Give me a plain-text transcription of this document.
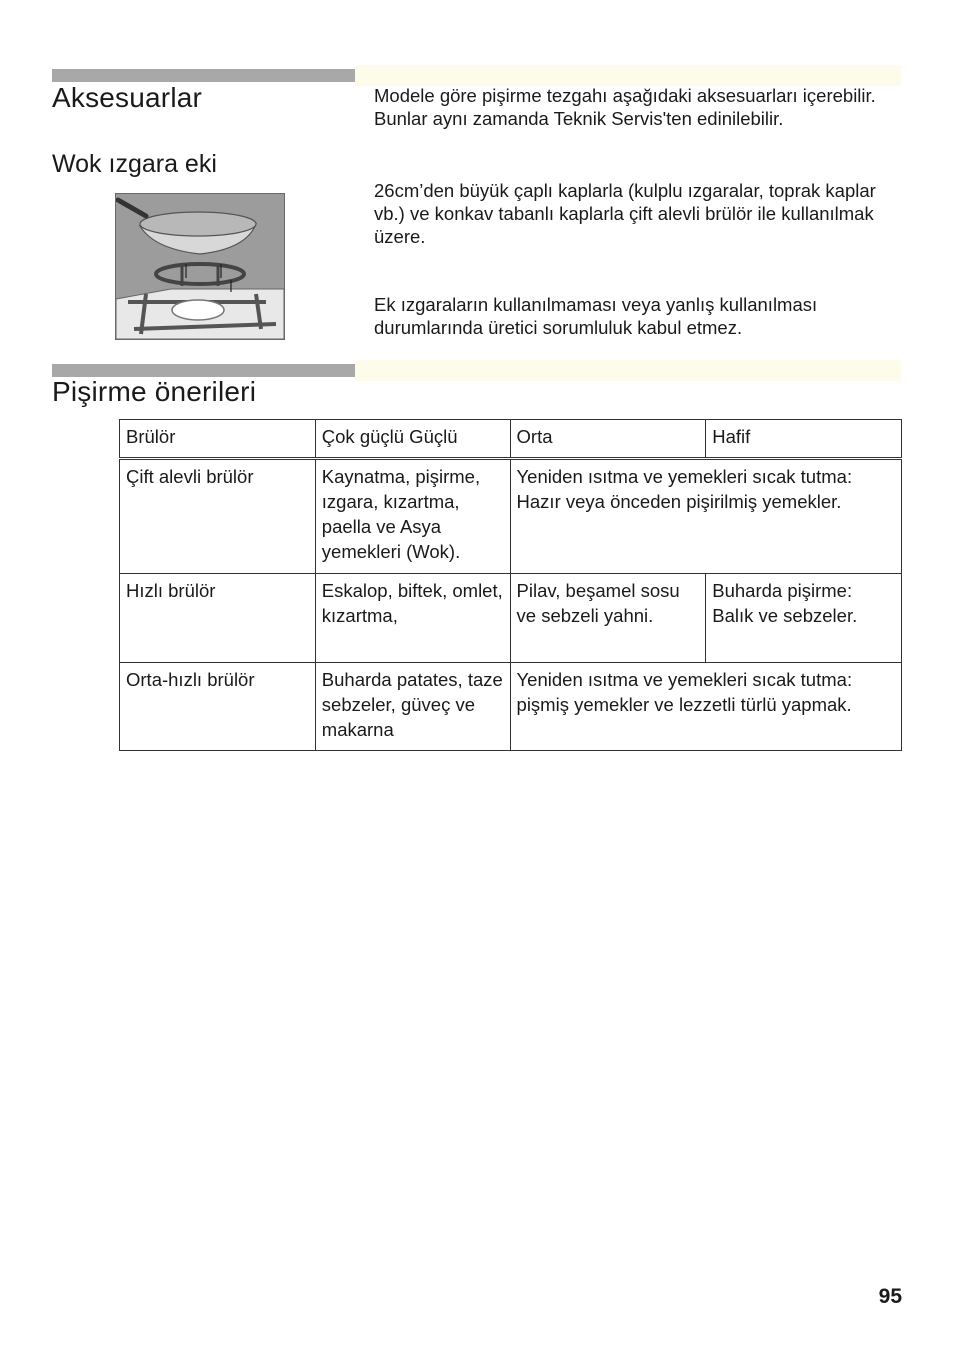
Aksesuarlar
Wok ızgara eki

Modele göre pişirme tezgahı aşağıdaki aksesuarları içerebilir. Bunlar aynı zamanda Teknik Servis'ten edinilebilir.

26cm’den büyük çaplı kaplarla (kulplu ızgaralar, toprak kaplar vb.) ve konkav tabanlı kaplarla çift alevli brülör ile kullanılmak üzere.

Ek ızgaraların kullanılmaması veya yanlış kullanılması durumlarında üretici sorumluluk kabul etmez.

Pişirme önerileri
Brülör	Çok güçlü Güçlü	Orta	Hafif
Çift alevli brülör	Kaynatma, pişirme, ızgara, kızartma, paella ve Asya yemekleri (Wok).	Yeniden ısıtma ve yemekleri sıcak tutma: Hazır veya önceden pişirilmiş yemekler.	
Hızlı brülör	Eskalop, biftek, omlet, kızartma,	Pilav, beşamel sosu ve sebzeli yahni.	Buharda pişirme: Balık ve sebzeler.
Orta-hızlı brülör	Buharda patates, taze sebzeler, güveç ve makarna	Yeniden ısıtma ve yemekleri sıcak tutma: pişmiş yemekler ve lezzetli türlü yapmak.	
95
